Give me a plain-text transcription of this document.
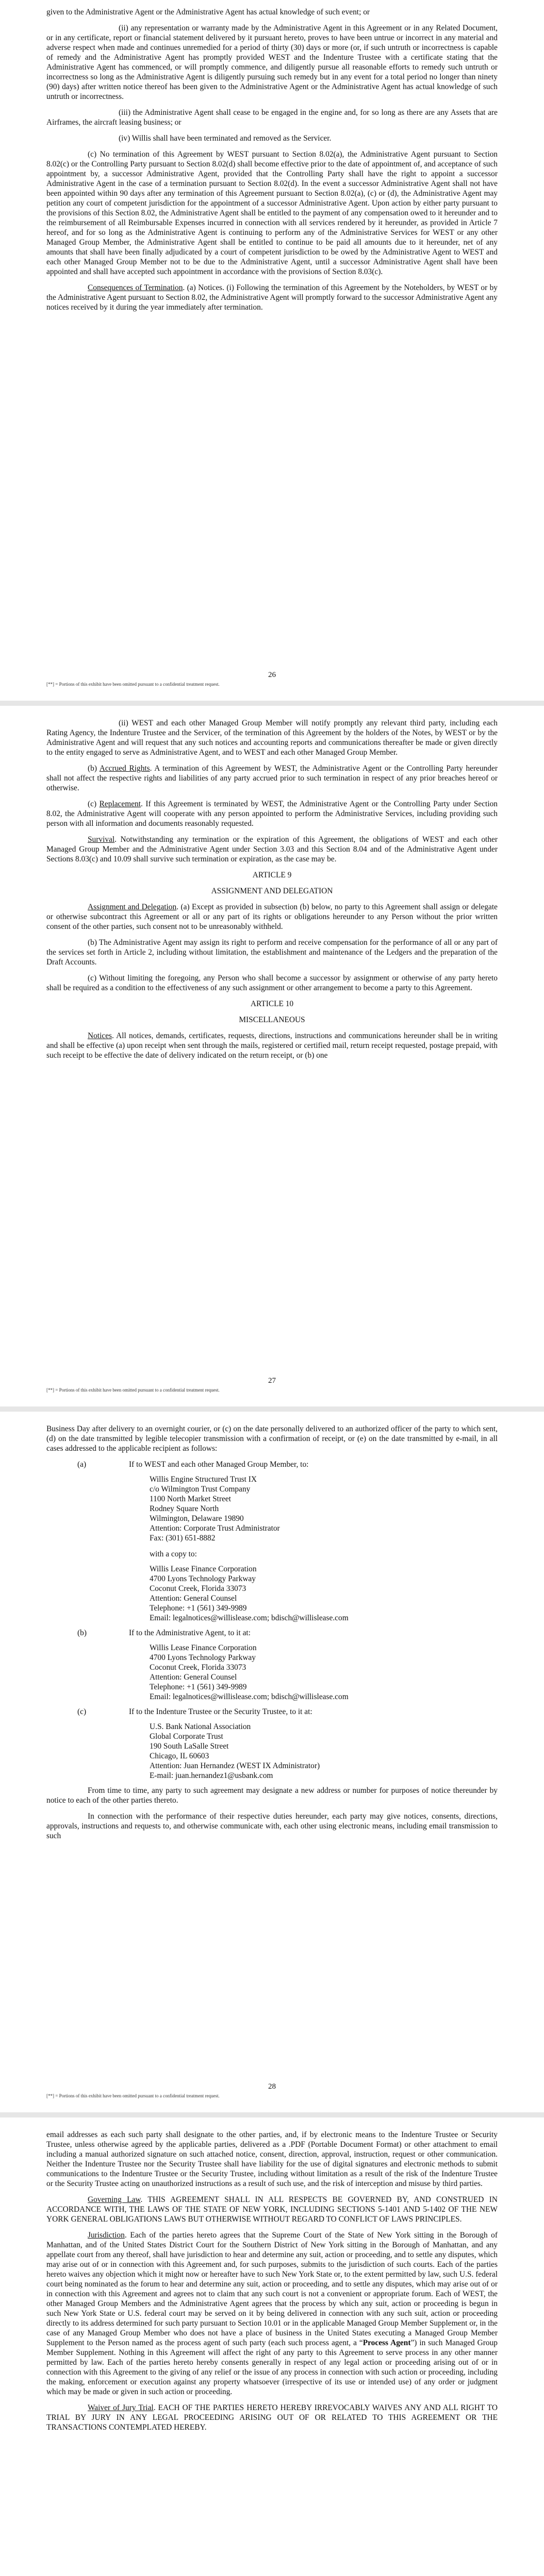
given to the Administrative Agent or the Administrative Agent has actual knowledge of such event; or

(ii) any representation or warranty made by the Administrative Agent in this Agreement or in any Related Document, or in any certificate, report or financial statement delivered by it pursuant hereto, proves to have been untrue or incorrect in any material and adverse respect when made and continues unremedied for a period of thirty (30) days or more (or, if such untruth or incorrectness is capable of remedy and the Administrative Agent has promptly provided WEST and the Indenture Trustee with a certificate stating that the Administrative Agent has commenced, or will promptly commence, and diligently pursue all reasonable efforts to remedy such untruth or incorrectness so long as the Administrative Agent is diligently pursuing such remedy but in any event for a total period no longer than ninety (90) days) after written notice thereof has been given to the Administrative Agent or the Administrative Agent has actual knowledge of such untruth or incorrectness.

(iii) the Administrative Agent shall cease to be engaged in the engine and, for so long as there are any Assets that are Airframes, the aircraft leasing business; or

(iv) Willis shall have been terminated and removed as the Servicer.

(c) No termination of this Agreement by WEST pursuant to Section 8.02(a), the Administrative Agent pursuant to Section 8.02(c) or the Controlling Party pursuant to Section 8.02(d) shall become effective prior to the date of appointment of, and acceptance of such appointment by, a successor Administrative Agent, provided that the Controlling Party shall have the right to appoint a successor Administrative Agent in the case of a termination pursuant to Section 8.02(d). In the event a successor Administrative Agent shall not have been appointed within 90 days after any termination of this Agreement pursuant to Section 8.02(a), (c) or (d), the Administrative Agent may petition any court of competent jurisdiction for the appointment of a successor Administrative Agent. Upon action by either party pursuant to the provisions of this Section 8.02, the Administrative Agent shall be entitled to the payment of any compensation owed to it hereunder and to the reimbursement of all Reimbursable Expenses incurred in connection with all services rendered by it hereunder, as provided in Article 7 hereof, and for so long as the Administrative Agent is continuing to perform any of the Administrative Services for WEST or any other Managed Group Member, the Administrative Agent shall be entitled to continue to be paid all amounts due to it hereunder, net of any amounts that shall have been finally adjudicated by a court of competent jurisdiction to be owed by the Administrative Agent to WEST and each other Managed Group Member not to be due to the Administrative Agent, until a successor Administrative Agent shall have been appointed and shall have accepted such appointment in accordance with the provisions of Section 8.03(c).

Consequences of Termination. (a) Notices. (i) Following the termination of this Agreement by the Noteholders, by WEST or by the Administrative Agent pursuant to Section 8.02, the Administrative Agent will promptly forward to the successor Administrative Agent any notices received by it during the year immediately after termination.

26
[**] = Portions of this exhibit have been omitted pursuant to a confidential treatment request.

(ii) WEST and each other Managed Group Member will notify promptly any relevant third party, including each Rating Agency, the Indenture Trustee and the Servicer, of the termination of this Agreement by the holders of the Notes, by WEST or by the Administrative Agent and will request that any such notices and accounting reports and communications thereafter be made or given directly to the entity engaged to serve as Administrative Agent, and to WEST and each other Managed Group Member.

(b) Accrued Rights. A termination of this Agreement by WEST, the Administrative Agent or the Controlling Party hereunder shall not affect the respective rights and liabilities of any party accrued prior to such termination in respect of any prior breaches hereof or otherwise.

(c) Replacement. If this Agreement is terminated by WEST, the Administrative Agent or the Controlling Party under Section 8.02, the Administrative Agent will cooperate with any person appointed to perform the Administrative Services, including providing such person with all information and documents reasonably requested.

Survival. Notwithstanding any termination or the expiration of this Agreement, the obligations of WEST and each other Managed Group Member and the Administrative Agent under Section 3.03 and this Section 8.04 and of the Administrative Agent under Sections 8.03(c) and 10.09 shall survive such termination or expiration, as the case may be.

ARTICLE 9

ASSIGNMENT AND DELEGATION

Assignment and Delegation. (a) Except as provided in subsection (b) below, no party to this Agreement shall assign or delegate or otherwise subcontract this Agreement or all or any part of its rights or obligations hereunder to any Person without the prior written consent of the other parties, such consent not to be unreasonably withheld.

(b) The Administrative Agent may assign its right to perform and receive compensation for the performance of all or any part of the services set forth in Article 2, including without limitation, the establishment and maintenance of the Ledgers and the preparation of the Draft Accounts.

(c) Without limiting the foregoing, any Person who shall become a successor by assignment or otherwise of any party hereto shall be required as a condition to the effectiveness of any such assignment or other arrangement to become a party to this Agreement.

ARTICLE 10

MISCELLANEOUS

Notices. All notices, demands, certificates, requests, directions, instructions and communications hereunder shall be in writing and shall be effective (a) upon receipt when sent through the mails, registered or certified mail, return receipt requested, postage prepaid, with such receipt to be effective the date of delivery indicated on the return receipt, or (b) one

27
[**] = Portions of this exhibit have been omitted pursuant to a confidential treatment request.

Business Day after delivery to an overnight courier, or (c) on the date personally delivered to an authorized officer of the party to which sent, (d) on the date transmitted by legible telecopier transmission with a confirmation of receipt, or (e) on the date transmitted by e-mail, in all cases addressed to the applicable recipient as follows:

(a)	If to WEST and each other Managed Group Member, to:
Willis Engine Structured Trust IX
c/o Wilmington Trust Company
1100 North Market Street
Rodney Square North
Wilmington, Delaware 19890
Attention: Corporate Trust Administrator
Fax: (301) 651-8882
with a copy to:
Willis Lease Finance Corporation
4700 Lyons Technology Parkway
Coconut Creek, Florida 33073
Attention: General Counsel
Telephone: +1 (561) 349-9989
Email: legalnotices@willislease.com; bdisch@willislease.com
(b)	If to the Administrative Agent, to it at:
Willis Lease Finance Corporation
4700 Lyons Technology Parkway
Coconut Creek, Florida 33073
Attention: General Counsel
Telephone: +1 (561) 349-9989
Email: legalnotices@willislease.com; bdisch@willislease.com
(c)	If to the Indenture Trustee or the Security Trustee, to it at:
U.S. Bank National Association
Global Corporate Trust
190 South LaSalle Street
Chicago, IL 60603
Attention: Juan Hernandez (WEST IX Administrator)
E-mail: juan.hernandez1@usbank.com

From time to time, any party to such agreement may designate a new address or number for purposes of notice thereunder by notice to each of the other parties thereto.

In connection with the performance of their respective duties hereunder, each party may give notices, consents, directions, approvals, instructions and requests to, and otherwise communicate with, each other using electronic means, including email transmission to such

28
[**] = Portions of this exhibit have been omitted pursuant to a confidential treatment request.

email addresses as each such party shall designate to the other parties, and, if by electronic means to the Indenture Trustee or Security Trustee, unless otherwise agreed by the applicable parties, delivered as a .PDF (Portable Document Format) or other attachment to email including a manual authorized signature on such attached notice, consent, direction, approval, instruction, request or other communication. Neither the Indenture Trustee nor the Security Trustee shall have liability for the use of digital signatures and electronic methods to submit communications to the Indenture Trustee or the Security Trustee, including without limitation as a result of the risk of the Indenture Trustee or the Security Trustee acting on unauthorized instructions as a result of such use, and the risk of interception and misuse by third parties.

Governing Law. THIS AGREEMENT SHALL IN ALL RESPECTS BE GOVERNED BY, AND CONSTRUED IN ACCORDANCE WITH, THE LAWS OF THE STATE OF NEW YORK, INCLUDING SECTIONS 5-1401 AND 5-1402 OF THE NEW YORK GENERAL OBLIGATIONS LAWS BUT OTHERWISE WITHOUT REGARD TO CONFLICT OF LAWS PRINCIPLES.

Jurisdiction. Each of the parties hereto agrees that the Supreme Court of the State of New York sitting in the Borough of Manhattan, and of the United States District Court for the Southern District of New York sitting in the Borough of Manhattan, and any appellate court from any thereof, shall have jurisdiction to hear and determine any suit, action or proceeding, and to settle any disputes, which may arise out of or in connection with this Agreement and, for such purposes, submits to the jurisdiction of such courts. Each of the parties hereto waives any objection which it might now or hereafter have to such New York State or, to the extent permitted by law, such U.S. federal court being nominated as the forum to hear and determine any suit, action or proceeding, and to settle any disputes, which may arise out of or in connection with this Agreement and agrees not to claim that any such court is not a convenient or appropriate forum. Each of WEST, the other Managed Group Members and the Administrative Agent agrees that the process by which any suit, action or proceeding is begun in such New York State or U.S. federal court may be served on it by being delivered in connection with any such suit, action or proceeding directly to its address determined for such party pursuant to Section 10.01 or in the applicable Managed Group Member Supplement or, in the case of any Managed Group Member who does not have a place of business in the United States executing a Managed Group Member Supplement to the Person named as the process agent of such party (each such process agent, a “Process Agent”) in such Managed Group Member Supplement. Nothing in this Agreement will affect the right of any party to this Agreement to serve process in any other manner permitted by law. Each of the parties hereto hereby consents generally in respect of any legal action or proceeding arising out of or in connection with this Agreement to the giving of any relief or the issue of any process in connection with such action or proceeding, including the making, enforcement or execution against any property whatsoever (irrespective of its use or intended use) of any order or judgment which may be made or given in such action or proceeding.

Waiver of Jury Trial. EACH OF THE PARTIES HERETO HEREBY IRREVOCABLY WAIVES ANY AND ALL RIGHT TO TRIAL BY JURY IN ANY LEGAL PROCEEDING ARISING OUT OF OR RELATED TO THIS AGREEMENT OR THE TRANSACTIONS CONTEMPLATED HEREBY.
